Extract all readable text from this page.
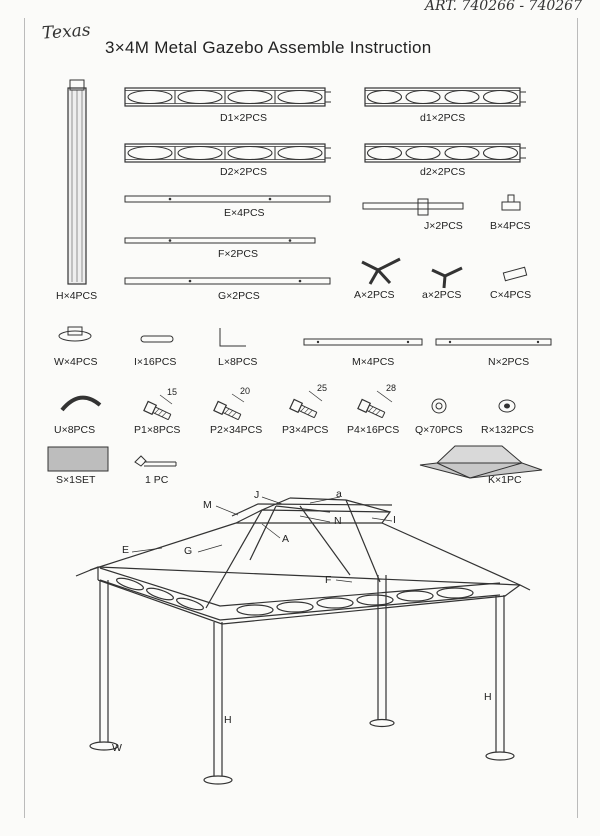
ART. 740266 - 740267
Texas
3×4M Metal Gazebo Assemble Instruction
D1×2PCS	d1×2PCS
D2×2PCS	d2×2PCS
E×4PCS
J×2PCS	B×4PCS
F×2PCS
H×4PCS	G×2PCS	A×2PCS	a×2PCS	C×4PCS
W×4PCS	I×16PCS	L×8PCS	M×4PCS	N×2PCS
U×8PCS	P1×8PCS	P2×34PCS P3×4PCS P4×16PCS Q×70PCS R×132PCS
15	20	25	28
S×1SET	1 PC	K×1PC
M
J	a
N	I
A
E	G
F
H
H
W
